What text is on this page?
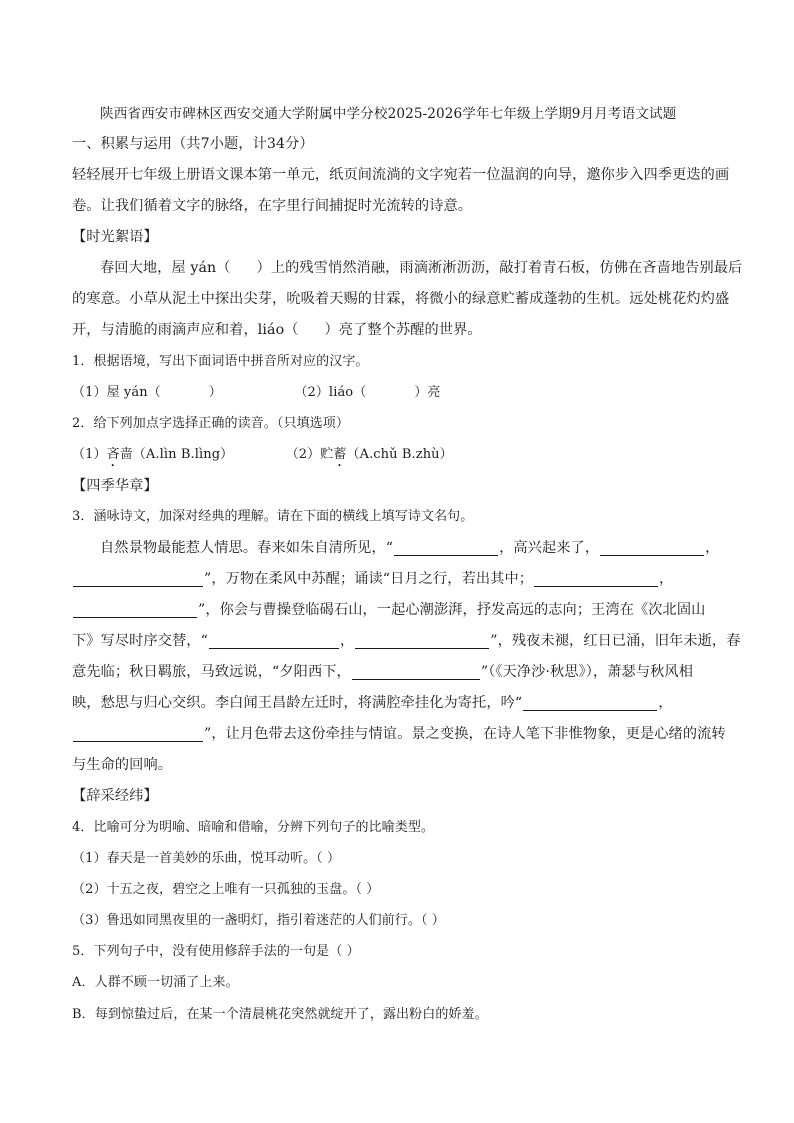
陕西省西安市碑林区西安交通大学附属中学分校2025-2026学年七年级上学期9月月考语文试题
一、积累与运用（共7小题，计34分）
轻轻展开七年级上册语文课本第一单元，纸页间流淌的文字宛若一位温润的向导，邀你步入四季更迭的画
卷。让我们循着文字的脉络，在字里行间捕捉时光流转的诗意。
【时光絮语】
春回大地，屋 yán（ ）上的残雪悄然消融，雨滴淅淅沥沥，敲打着青石板，仿佛在吝啬地告别最后
的寒意。小草从泥土中探出尖芽，吮吸着天赐的甘霖，将微小的绿意贮蓄成蓬勃的生机。远处桃花灼灼盛
开，与清脆的雨滴声应和着，liáo（ ）亮了整个苏醒的世界。
1．根据语境，写出下面词语中拼音所对应的汉字。
（1）屋 yán（	）	（2）liáo（	）亮
2．给下列加点字选择正确的读音。（只填选项）
（1）吝啬（A.lìn B.lìng）	（2）贮蓄（A.chǔ B.zhù）
【四季华章】
3．涵咏诗文，加深对经典的理解。请在下面的横线上填写诗文名句。
自然景物最能惹人情思。春来如朱自清所见，“	，高兴起来了，	，
”，万物在柔风中苏醒；诵读“日月之行，若出其中；	，
”，你会与曹操登临碣石山，一起心潮澎湃，抒发高远的志向；王湾在《次北固山
下》写尽时序交替，“	，	”，残夜未褪，红日已涌，旧年未逝，春
意先临；秋日羁旅，马致远说，“夕阳西下，	”（《天净沙·秋思》），萧瑟与秋风相
映，愁思与归心交织。李白闻王昌龄左迁时，将满腔牵挂化为寄托，吟“	，
”，让月色带去这份牵挂与情谊。景之变换，在诗人笔下非惟物象，更是心绪的流转
与生命的回响。
【辞采经纬】
4．比喻可分为明喻、暗喻和借喻，分辨下列句子的比喻类型。
（1）春天是一首美妙的乐曲，悦耳动听。（ ）
（2）十五之夜，碧空之上唯有一只孤独的玉盘。（ ）
（3）鲁迅如同黑夜里的一盏明灯，指引着迷茫的人们前行。（ ）
5．下列句子中，没有使用修辞手法的一句是（ ）
A．人群不顾一切涌了上来。
B．每到惊蛰过后，在某一个清晨桃花突然就绽开了，露出粉白的娇羞。
